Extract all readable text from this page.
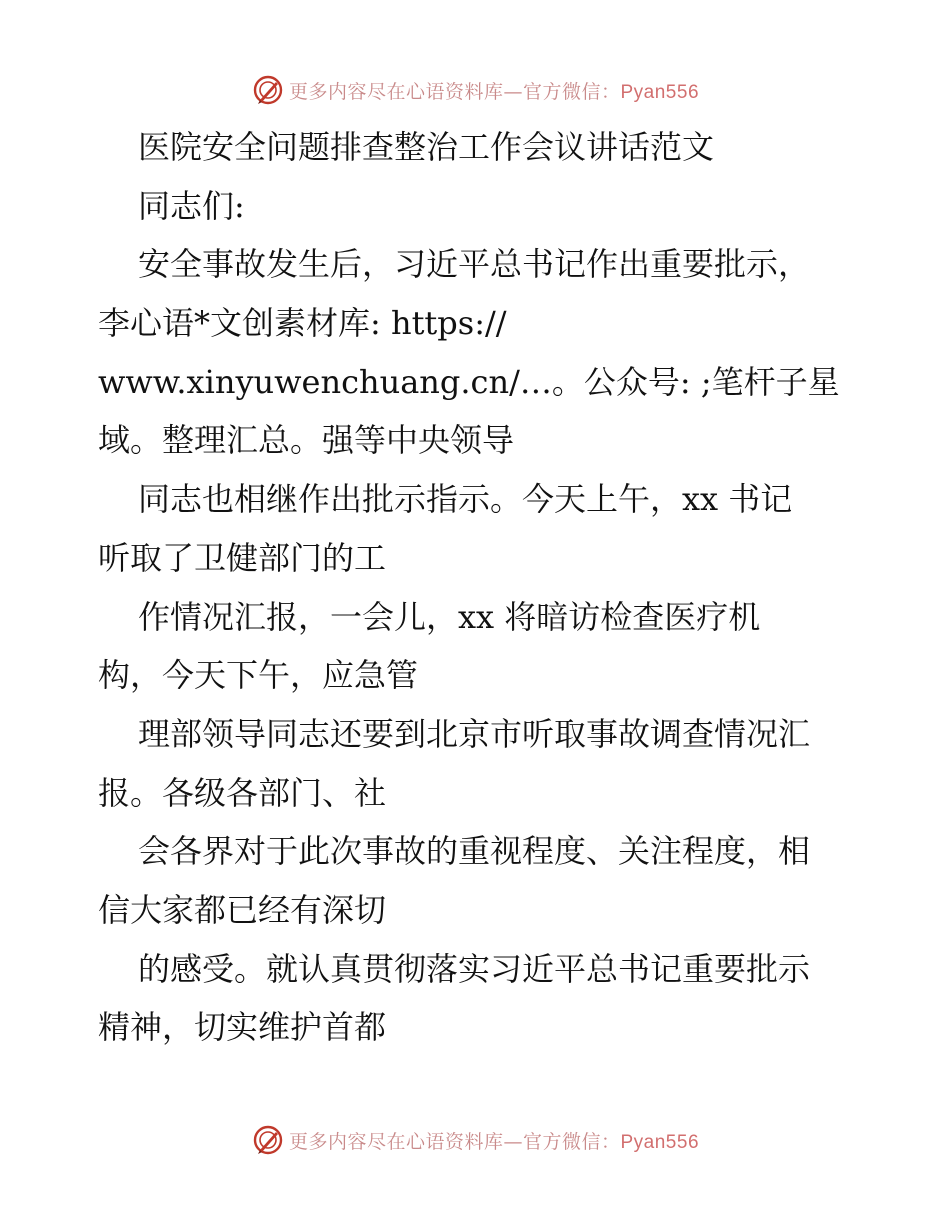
更多内容尽在心语资料库—官方微信：Pyan556
医院安全问题排查整治工作会议讲话范文
同志们:
安全事故发生后，习近平总书记作出重要批示，
李心语*文创素材库: https://
www.xinyuwenchuang.cn/…。公众号: ;笔杆子星
域。整理汇总。强等中央领导
同志也相继作出批示指示。今天上午，xx 书记
听取了卫健部门的工
作情况汇报，一会儿，xx 将暗访检查医疗机
构，今天下午，应急管
理部领导同志还要到北京市听取事故调查情况汇
报。各级各部门、社
会各界对于此次事故的重视程度、关注程度，相
信大家都已经有深切
的感受。就认真贯彻落实习近平总书记重要批示
精神，切实维护首都
更多内容尽在心语资料库—官方微信：Pyan556
